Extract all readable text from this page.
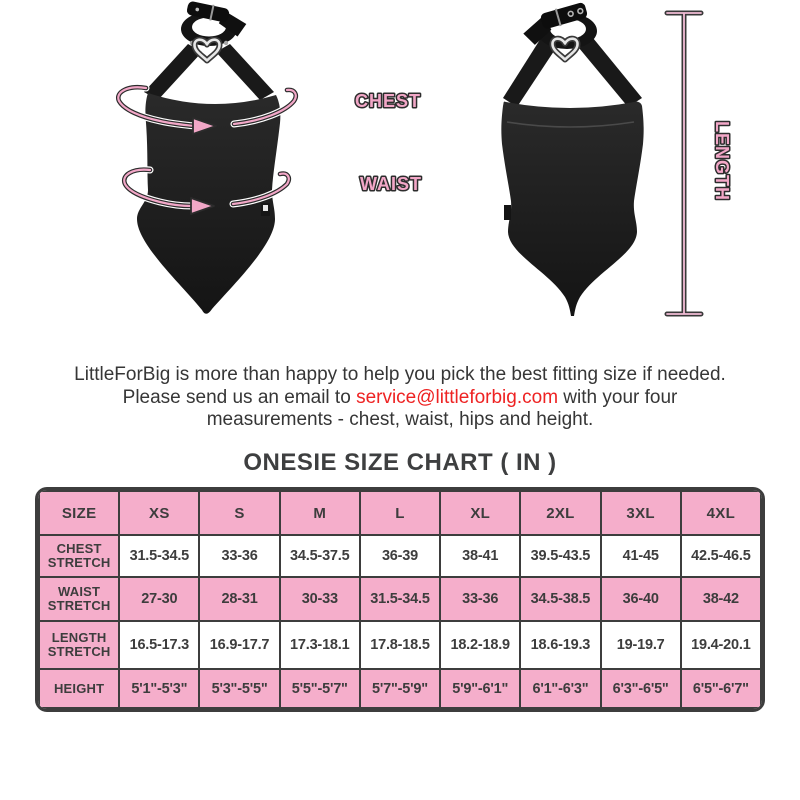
CHEST
WAIST	LENGTH
LittleForBig is more than happy to help you pick the best fitting size if needed.
Please send us an email to service@littleforbig.com with your four
measurements - chest, waist, hips and height.
ONESIE SIZE CHART ( IN )
SIZE	XS	S	M	L	XL	2XL	3XL	4XL

CHEST
STRETCH	31.5-34.5	33-36	34.5-37.5	36-39	38-41	39.5-43.5	41-45	42.5-46.5

WAIST
STRETCH	27-30	28-31	30-33	31.5-34.5	33-36	34.5-38.5	36-40	38-42

LENGTH
STRETCH	16.5-17.3	16.9-17.7	17.3-18.1	17.8-18.5	18.2-18.9	18.6-19.3	19-19.7	19.4-20.1

HEIGHT	5'1"-5'3"	5'3"-5'5"	5'5"-5'7"	5'7"-5'9"	5'9"-6'1"	6'1"-6'3"	6'3"-6'5"	6'5"-6'7"
